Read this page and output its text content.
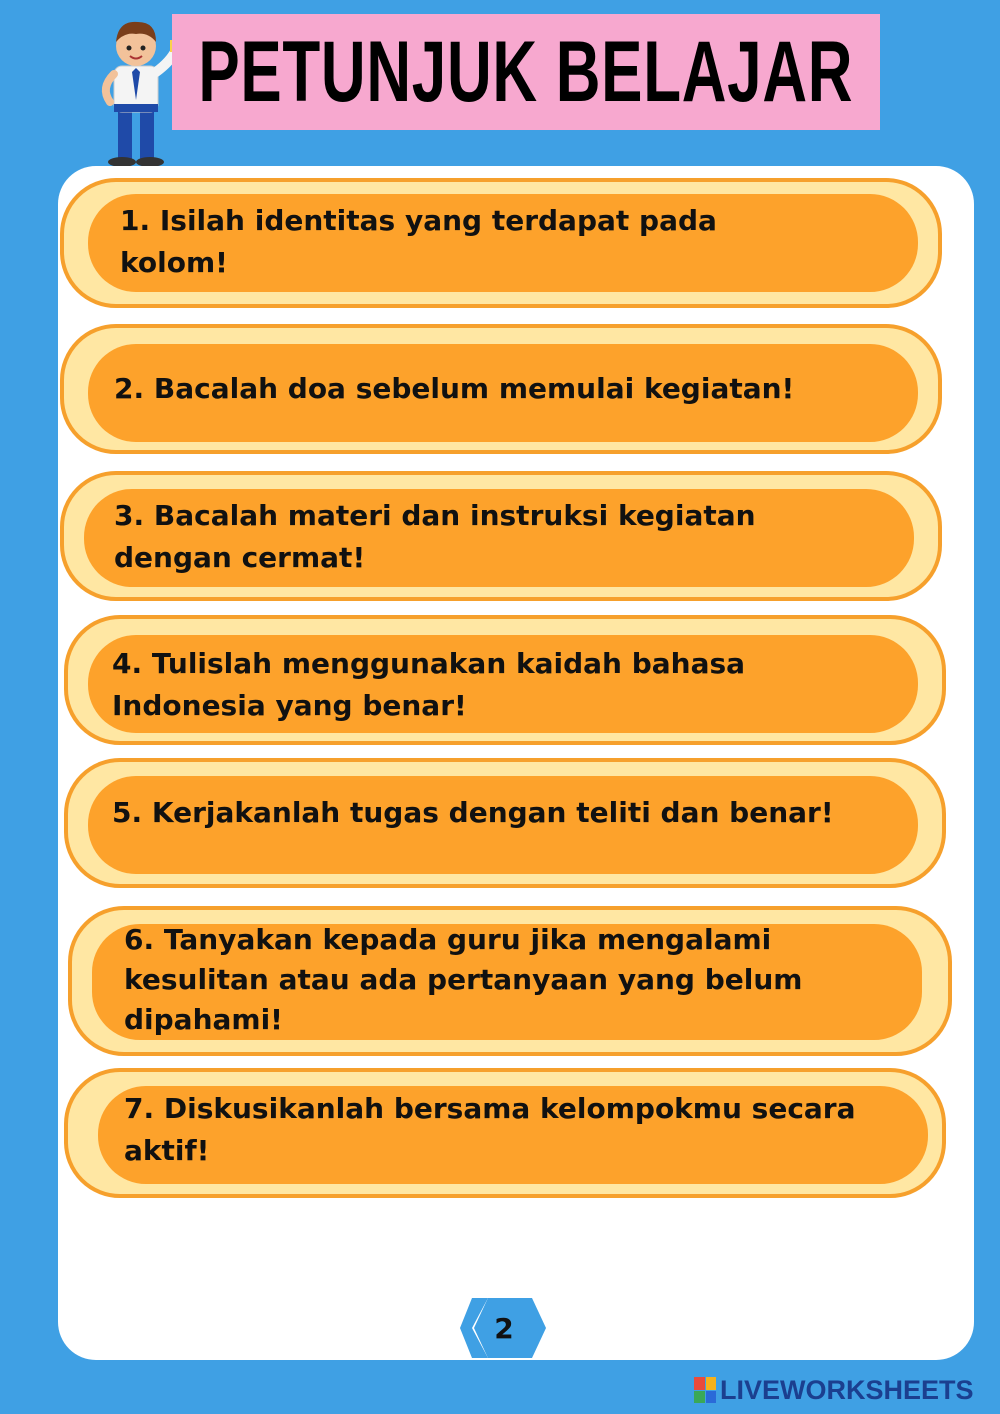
PETUNJUK BELAJAR
1. Isilah identitas yang terdapat pada
kolom!
2. Bacalah doa sebelum memulai kegiatan!
3. Bacalah materi dan instruksi kegiatan
dengan cermat!
4. Tulislah menggunakan kaidah bahasa
Indonesia yang benar!
5. Kerjakanlah tugas dengan teliti dan benar!
6. Tanyakan kepada guru jika mengalami
kesulitan atau ada pertanyaan yang belum
dipahami!
7. Diskusikanlah bersama kelompokmu secara
aktif!
2
LIVEWORKSHEETS
